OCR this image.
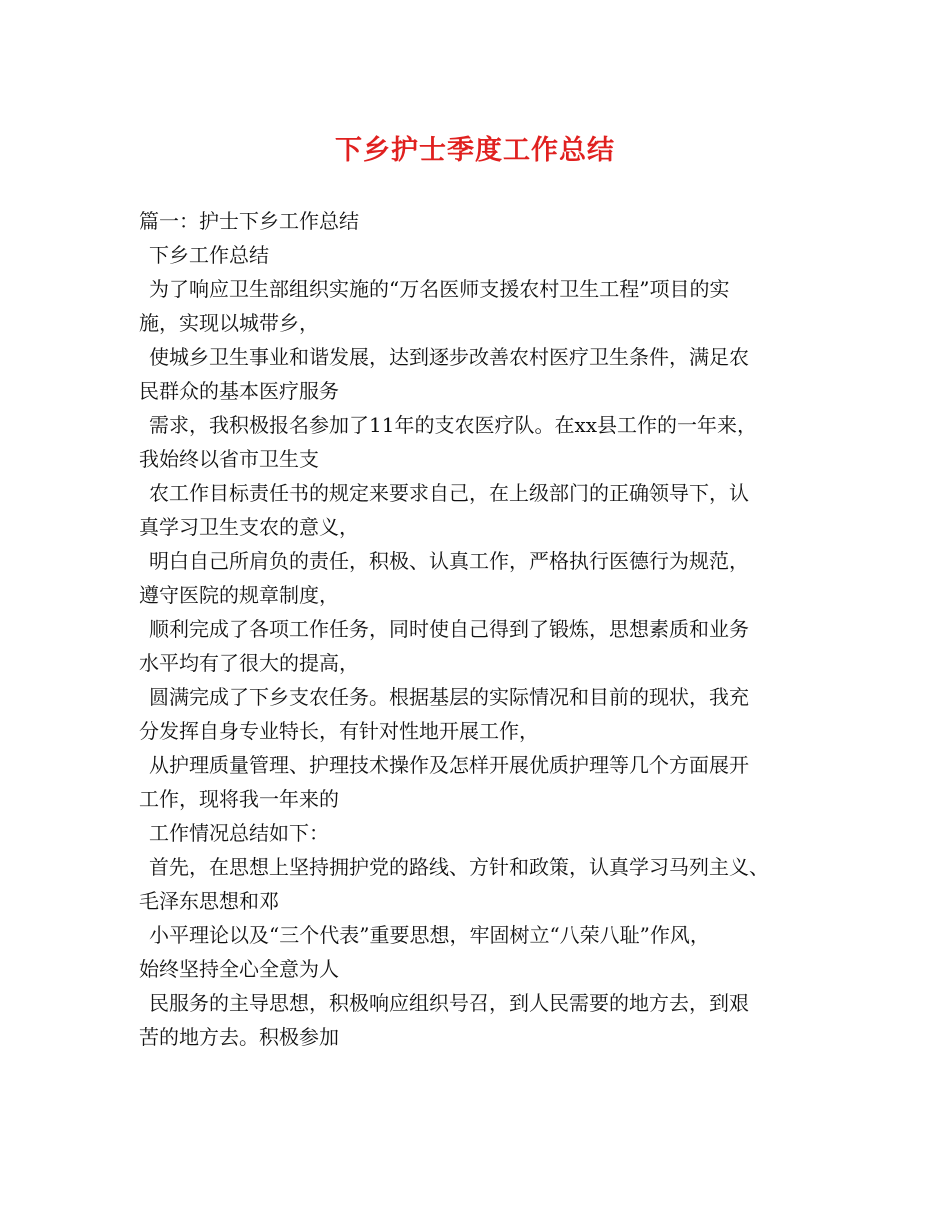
下乡护士季度工作总结

篇一：护士下乡工作总结

下乡工作总结

为了响应卫生部组织实施的“万名医师支援农村卫生工程”项目的实

施，实现以城带乡，

使城乡卫生事业和谐发展，达到逐步改善农村医疗卫生条件，满足农

民群众的基本医疗服务

需求，我积极报名参加了11年的支农医疗队。在xx县工作的一年来，

我始终以省市卫生支

农工作目标责任书的规定来要求自己，在上级部门的正确领导下，认

真学习卫生支农的意义，

明白自己所肩负的责任，积极、认真工作，严格执行医德行为规范，

遵守医院的规章制度，

顺利完成了各项工作任务，同时使自己得到了锻炼，思想素质和业务

水平均有了很大的提高，

圆满完成了下乡支农任务。根据基层的实际情况和目前的现状，我充

分发挥自身专业特长，有针对性地开展工作，

从护理质量管理、护理技术操作及怎样开展优质护理等几个方面展开

工作，现将我一年来的

工作情况总结如下：

首先，在思想上坚持拥护党的路线、方针和政策，认真学习马列主义、

毛泽东思想和邓

小平理论以及“三个代表”重要思想，牢固树立“八荣八耻”作风，

始终坚持全心全意为人

民服务的主导思想，积极响应组织号召，到人民需要的地方去，到艰

苦的地方去。积极参加
